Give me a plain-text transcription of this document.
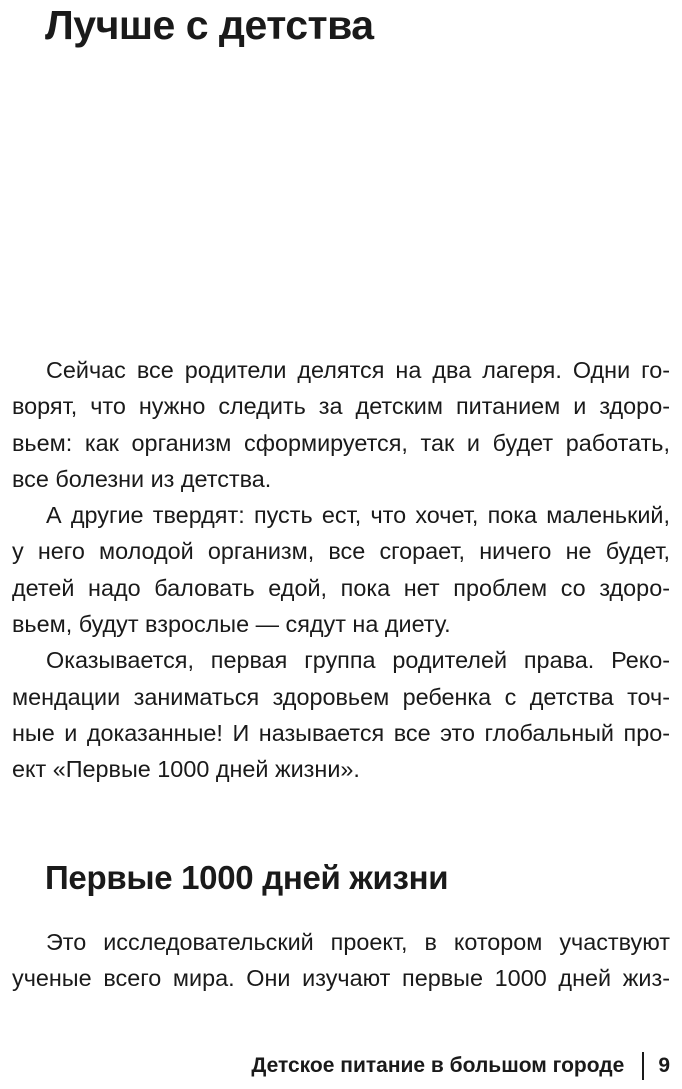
Лучше с детства
Сейчас все родители делятся на два лагеря. Одни го-
ворят, что нужно следить за детским питанием и здоро-
вьем: как организм сформируется, так и будет работать,
все болезни из детства.
А другие твердят: пусть ест, что хочет, пока маленький,
у него молодой организм, все сгорает, ничего не будет,
детей надо баловать едой, пока нет проблем со здоро-
вьем, будут взрослые — сядут на диету.
Оказывается, первая группа родителей права. Реко-
мендации заниматься здоровьем ребенка с детства точ-
ные и доказанные! И называется все это глобальный про-
ект «Первые 1000 дней жизни».
Первые 1000 дней жизни
Это исследовательский проект, в котором участвуют
ученые всего мира. Они изучают первые 1000 дней жиз-
Детское питание в большом городе 9
